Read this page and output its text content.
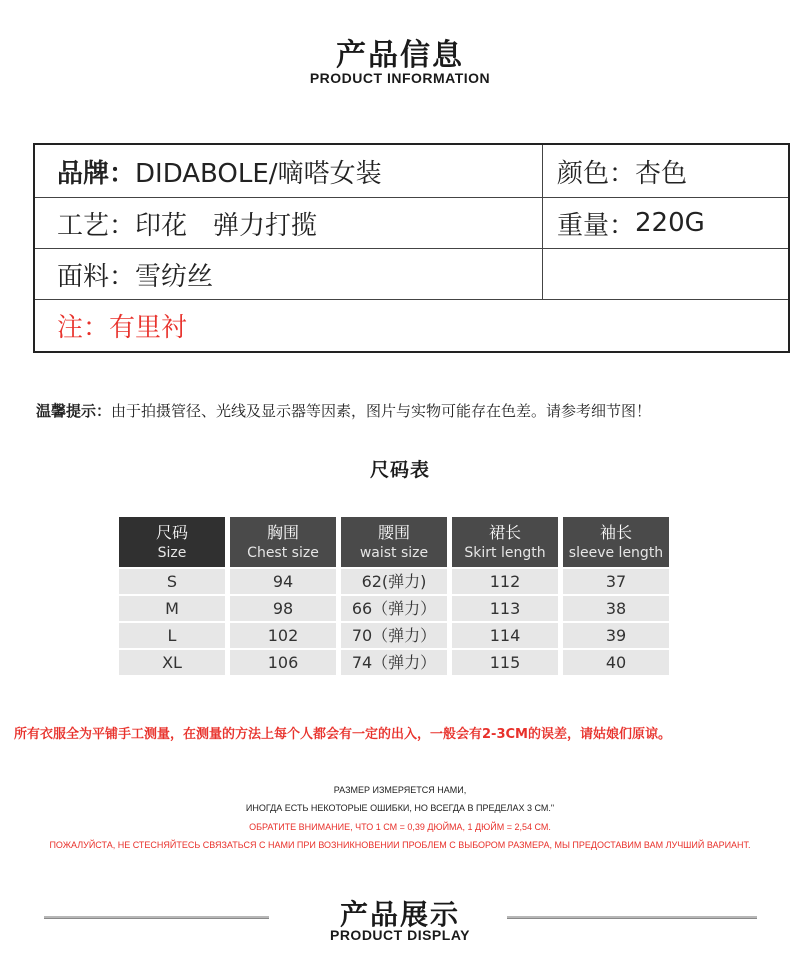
产品信息
PRODUCT INFORMATION
品牌： DIDABOLE/嘀嗒女装	颜色： 杏色
工艺： 印花　弹力打揽	重量： 220G
面料： 雪纺丝
注： 有里衬
温馨提示：由于拍摄管径、光线及显示器等因素，图片与实物可能存在色差。请参考细节图！
尺码表
尺码
Size
S
M
L
XL
胸围
Chest size
94
98
102
106
腰围
waist size
62(弹力)
66（弹力）
70（弹力）
74（弹力）
裙长
Skirt length
112
113
114
115
袖长
sleeve length
37
38
39
40
所有衣服全为平铺手工测量，在测量的方法上每个人都会有一定的出入，一般会有2-3CM的误差，请姑娘们原谅。
РАЗМЕР ИЗМЕРЯЕТСЯ НАМИ,
ИНОГДА ЕСТЬ НЕКОТОРЫЕ ОШИБКИ, НО ВСЕГДА В ПРЕДЕЛАХ 3 СМ."
ОБРАТИТЕ ВНИМАНИЕ, ЧТО 1 СМ = 0,39 ДЮЙМА, 1 ДЮЙМ = 2,54 СМ.
ПОЖАЛУЙСТА, НЕ СТЕСНЯЙТЕСЬ СВЯЗАТЬСЯ С НАМИ ПРИ ВОЗНИКНОВЕНИИ ПРОБЛЕМ С ВЫБОРОМ РАЗМЕРА, МЫ ПРЕДОСТАВИМ ВАМ ЛУЧШИЙ ВАРИАНТ.
产品展示
PRODUCT DISPLAY
